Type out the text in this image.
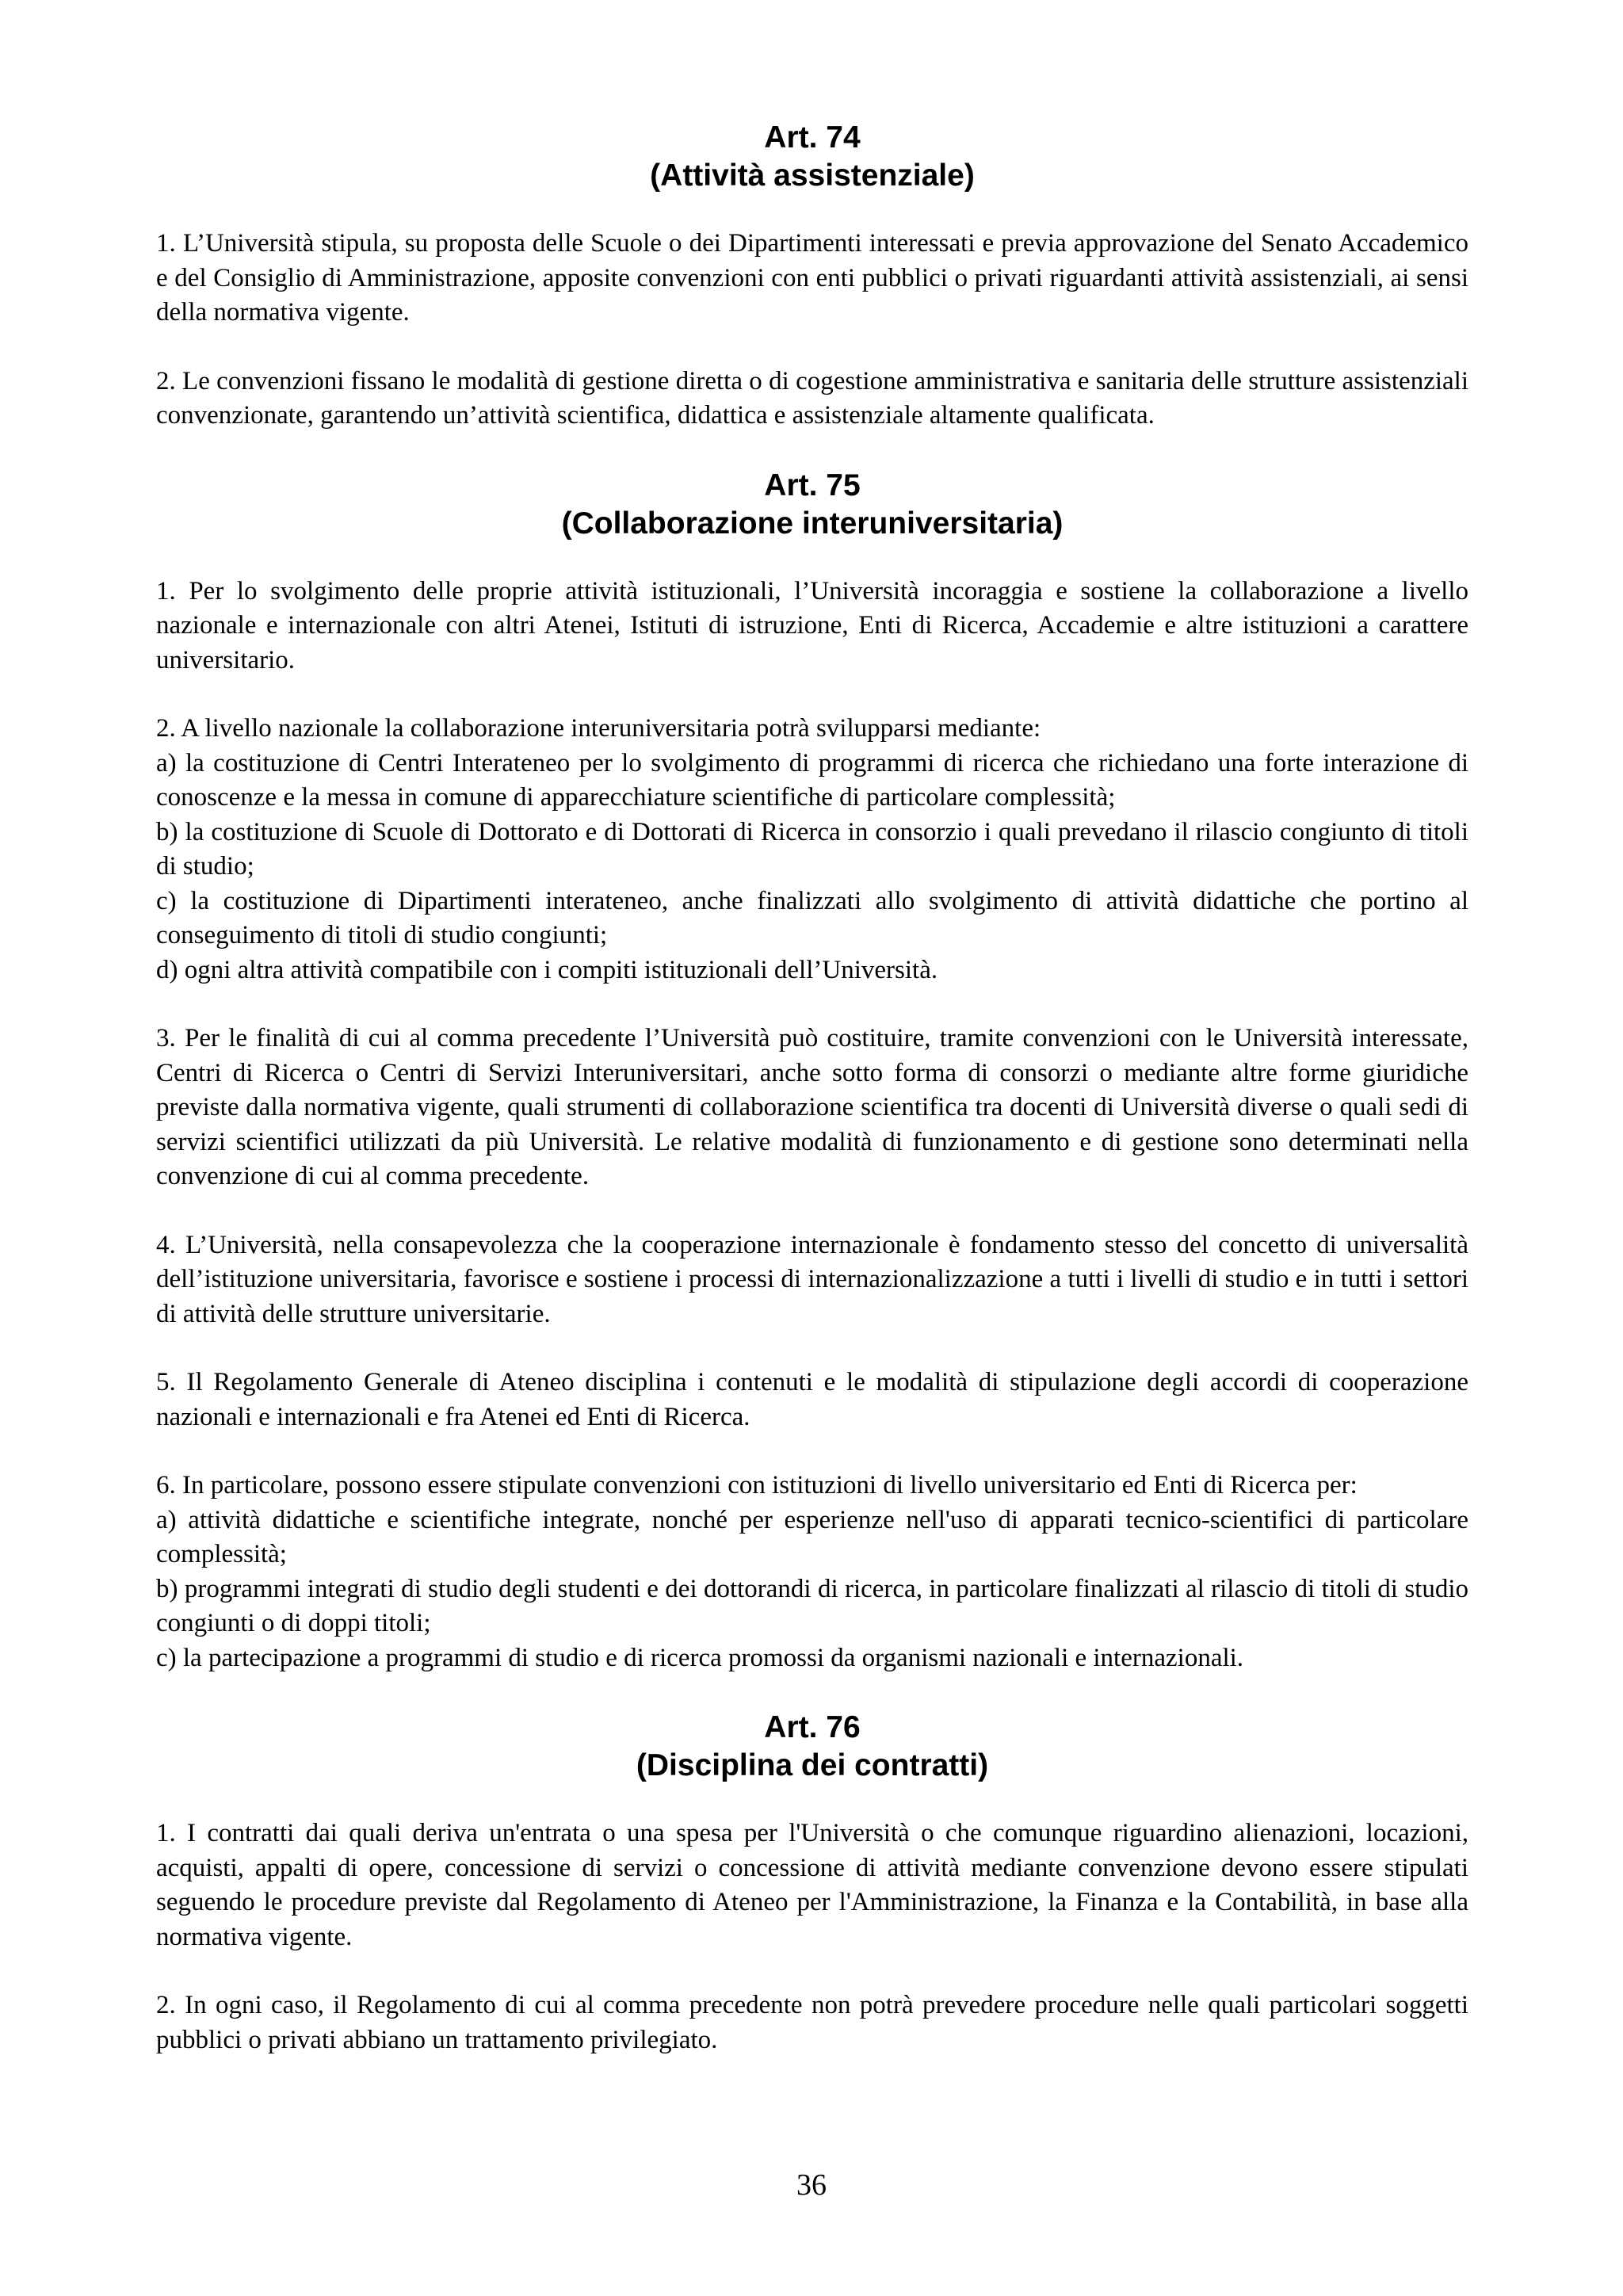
Art. 74

(Attività assistenziale)

1. L’Università stipula, su proposta delle Scuole o dei Dipartimenti interessati e previa approvazione del Senato Accademico e del Consiglio di Amministrazione, apposite convenzioni con enti pubblici o privati riguardanti attività assistenziali, ai sensi della normativa vigente.

2. Le convenzioni fissano le modalità di gestione diretta o di cogestione amministrativa e sanitaria delle strutture assistenziali convenzionate, garantendo un’attività scientifica, didattica e assistenziale altamente qualificata.

Art. 75

(Collaborazione interuniversitaria)

1. Per lo svolgimento delle proprie attività istituzionali, l’Università incoraggia e sostiene la collaborazione a livello nazionale e internazionale con altri Atenei, Istituti di istruzione, Enti di Ricerca, Accademie e altre istituzioni a carattere universitario.

2. A livello nazionale la collaborazione interuniversitaria potrà svilupparsi mediante:
a) la costituzione di Centri Interateneo per lo svolgimento di programmi di ricerca che richiedano una forte interazione di conoscenze e la messa in comune di apparecchiature scientifiche di particolare complessità;
b) la costituzione di Scuole di Dottorato e di Dottorati di Ricerca in consorzio i quali prevedano il rilascio congiunto di titoli di studio;
c) la costituzione di Dipartimenti interateneo, anche finalizzati allo svolgimento di attività didattiche che portino al conseguimento di titoli di studio congiunti;
d) ogni altra attività compatibile con i compiti istituzionali dell’Università.

3. Per le finalità di cui al comma precedente l’Università può costituire, tramite convenzioni con le Università interessate, Centri di Ricerca o Centri di Servizi Interuniversitari, anche sotto forma di consorzi o mediante altre forme giuridiche previste dalla normativa vigente, quali strumenti di collaborazione scientifica tra docenti di Università diverse o quali sedi di servizi scientifici utilizzati da più Università. Le relative modalità di funzionamento e di gestione sono determinati nella convenzione di cui al comma precedente.

4. L’Università, nella consapevolezza che la cooperazione internazionale è fondamento stesso del concetto di universalità dell’istituzione universitaria, favorisce e sostiene i processi di internazionalizzazione a tutti i livelli di studio e in tutti i settori di attività delle strutture universitarie.

5. Il Regolamento Generale di Ateneo disciplina i contenuti e le modalità di stipulazione degli accordi di cooperazione nazionali e internazionali e fra Atenei ed Enti di Ricerca.

6. In particolare, possono essere stipulate convenzioni con istituzioni di livello universitario ed Enti di Ricerca per:
a) attività didattiche e scientifiche integrate, nonché per esperienze nell'uso di apparati tecnico-scientifici di particolare complessità;
b) programmi integrati di studio degli studenti e dei dottorandi di ricerca, in particolare finalizzati al rilascio di titoli di studio congiunti o di doppi titoli;
c) la partecipazione a programmi di studio e di ricerca promossi da organismi nazionali e internazionali.

Art. 76

(Disciplina dei contratti)

1. I contratti dai quali deriva un'entrata o una spesa per l'Università o che comunque riguardino alienazioni, locazioni, acquisti, appalti di opere, concessione di servizi o concessione di attività mediante convenzione devono essere stipulati seguendo le procedure previste dal Regolamento di Ateneo per l'Amministrazione, la Finanza e la Contabilità, in base alla normativa vigente.

2. In ogni caso, il Regolamento di cui al comma precedente non potrà prevedere procedure nelle quali particolari soggetti pubblici o privati abbiano un trattamento privilegiato.

36
